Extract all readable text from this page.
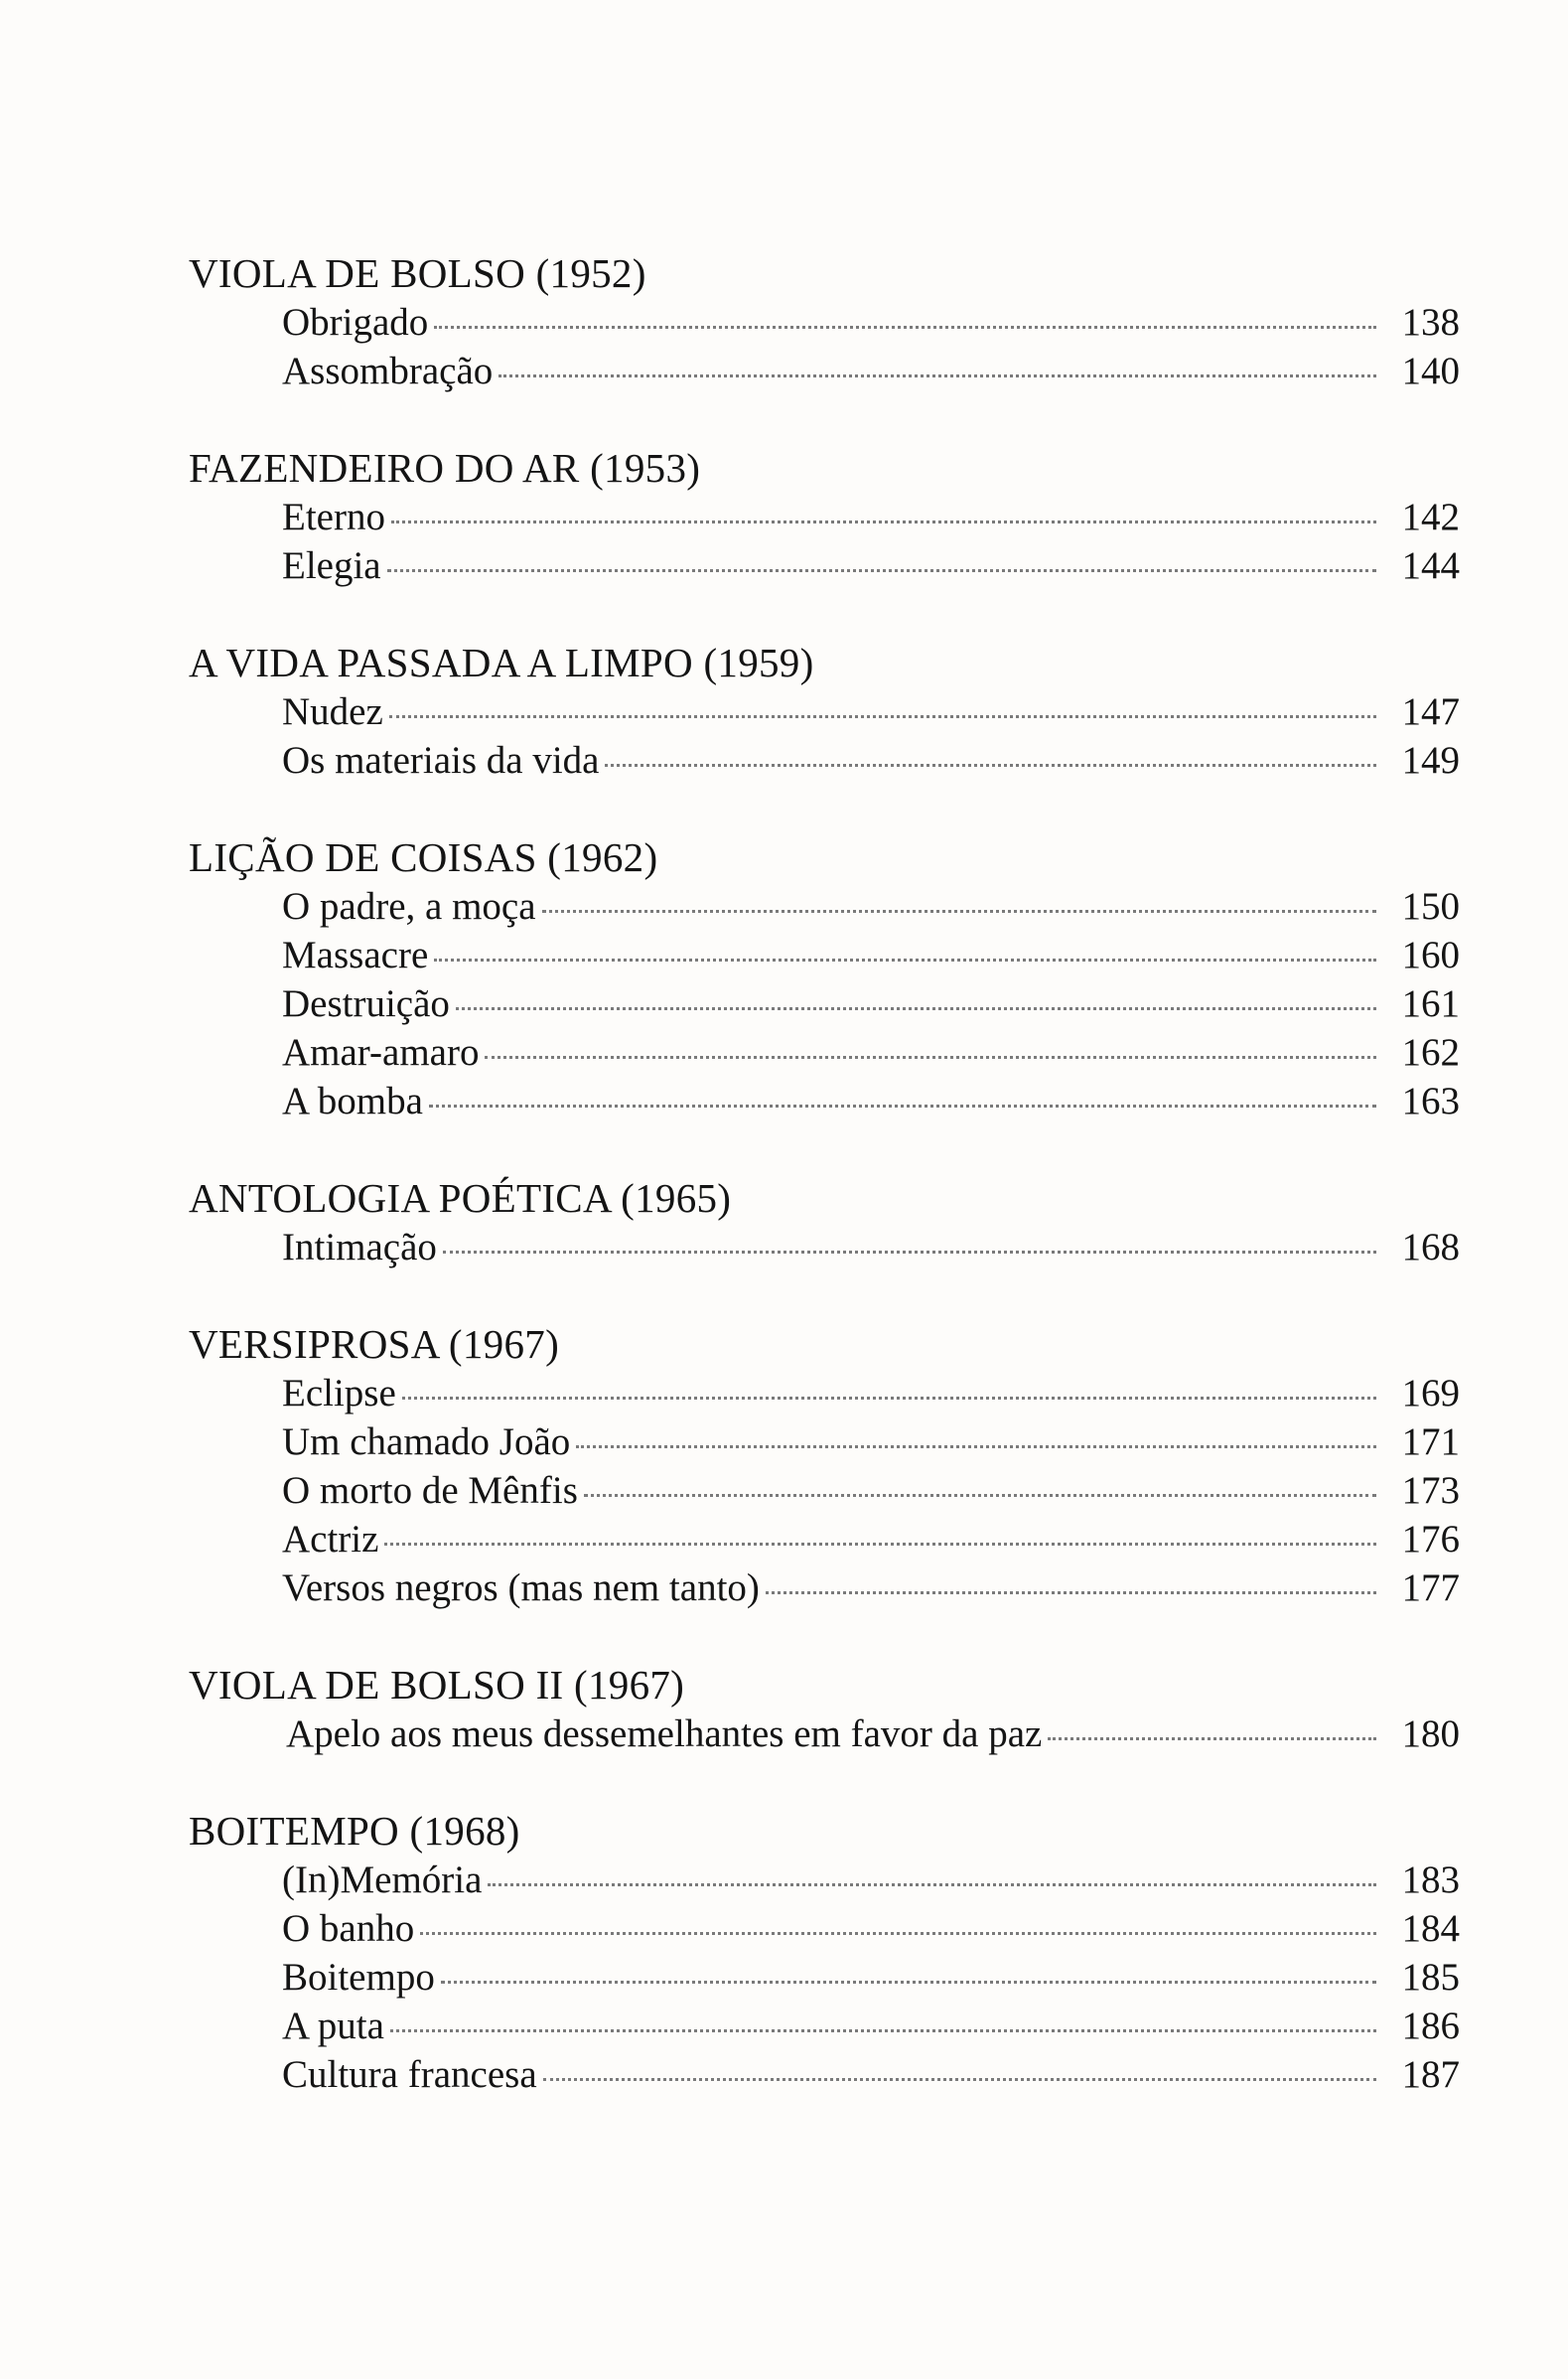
VIOLA DE BOLSO (1952)
Obrigado	138
Assombração	140
FAZENDEIRO DO AR (1953)
Eterno	142
Elegia	144
A VIDA PASSADA A LIMPO (1959)
Nudez	147
Os materiais da vida	149
LIÇÃO DE COISAS (1962)
O padre, a moça	150
Massacre	160
Destruição	161
Amar-amaro	162
A bomba	163
ANTOLOGIA POÉTICA (1965)
Intimação	168
VERSIPROSA (1967)
Eclipse	169
Um chamado João	171
O morto de Mênfis	173
Actriz	176
Versos negros (mas nem tanto)	177
VIOLA DE BOLSO II (1967)
Apelo aos meus dessemelhantes em favor da paz	180
BOITEMPO (1968)
(In)Memória	183
O banho	184
Boitempo	185
A puta	186
Cultura francesa	187
